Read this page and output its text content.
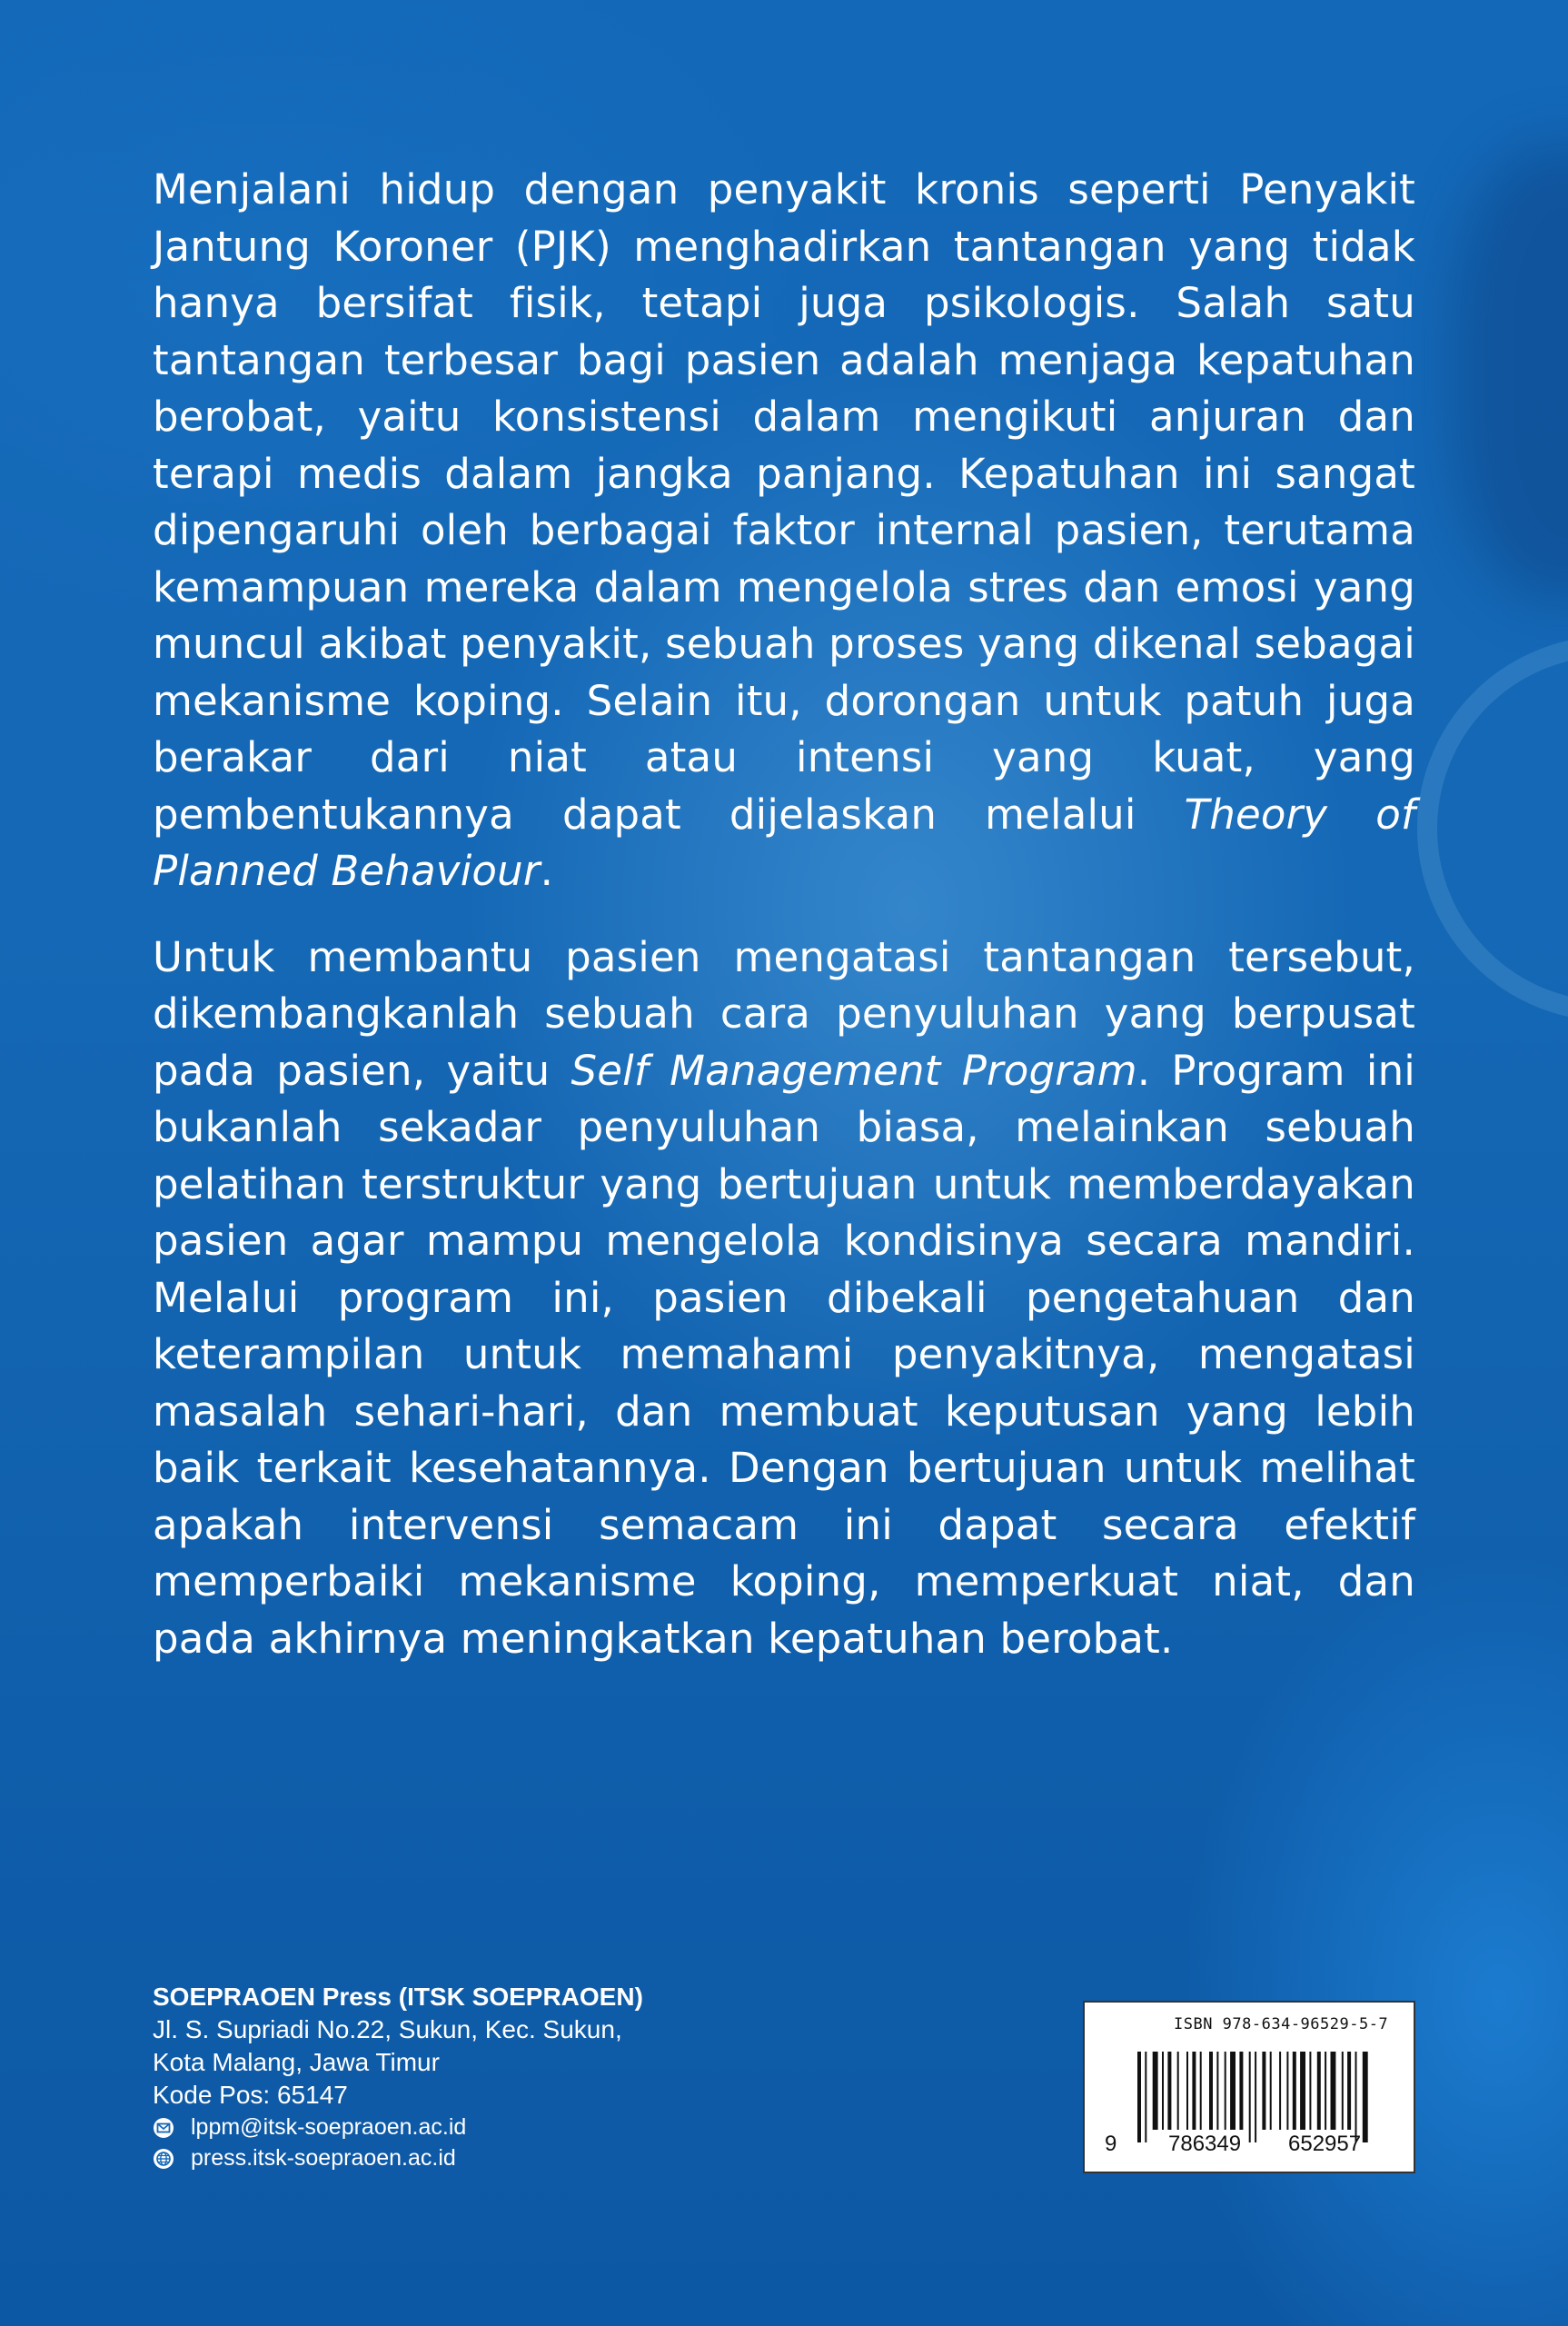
Menjalani hidup dengan penyakit kronis seperti Penyakit Jantung Koroner (PJK) menghadirkan tantangan yang tidak hanya bersifat fisik, tetapi juga psikologis. Salah satu tantangan terbesar bagi pasien adalah menjaga kepatuhan berobat, yaitu konsistensi dalam mengikuti anjuran dan terapi medis dalam jangka panjang. Kepatuhan ini sangat dipengaruhi oleh berbagai faktor internal pasien, terutama kemampuan mereka dalam mengelola stres dan emosi yang muncul akibat penyakit, sebuah proses yang dikenal sebagai mekanisme koping. Selain itu, dorongan untuk patuh juga berakar dari niat atau intensi yang kuat, yang pembentukannya dapat dijelaskan melalui Theory of Planned Behaviour.

Untuk membantu pasien mengatasi tantangan tersebut, dikembangkanlah sebuah cara penyuluhan yang berpusat pada pasien, yaitu Self Management Program. Program ini bukanlah sekadar penyuluhan biasa, melainkan sebuah pelatihan terstruktur yang bertujuan untuk memberdayakan pasien agar mampu mengelola kondisinya secara mandiri. Melalui program ini, pasien dibekali pengetahuan dan keterampilan untuk memahami penyakitnya, mengatasi masalah sehari-hari, dan membuat keputusan yang lebih baik terkait kesehatannya. Dengan bertujuan untuk melihat apakah intervensi semacam ini dapat secara efektif memperbaiki mekanisme koping, memperkuat niat, dan pada akhirnya meningkatkan kepatuhan berobat.

SOEPRAOEN Press (ITSK SOEPRAOEN)
Jl. S. Supriadi No.22, Sukun, Kec. Sukun,
Kota Malang, Jawa Timur
Kode Pos: 65147
lppm@itsk-soepraoen.ac.id
press.itsk-soepraoen.ac.id
ISBN 978-634-96529-5-7
9 786349 652957
